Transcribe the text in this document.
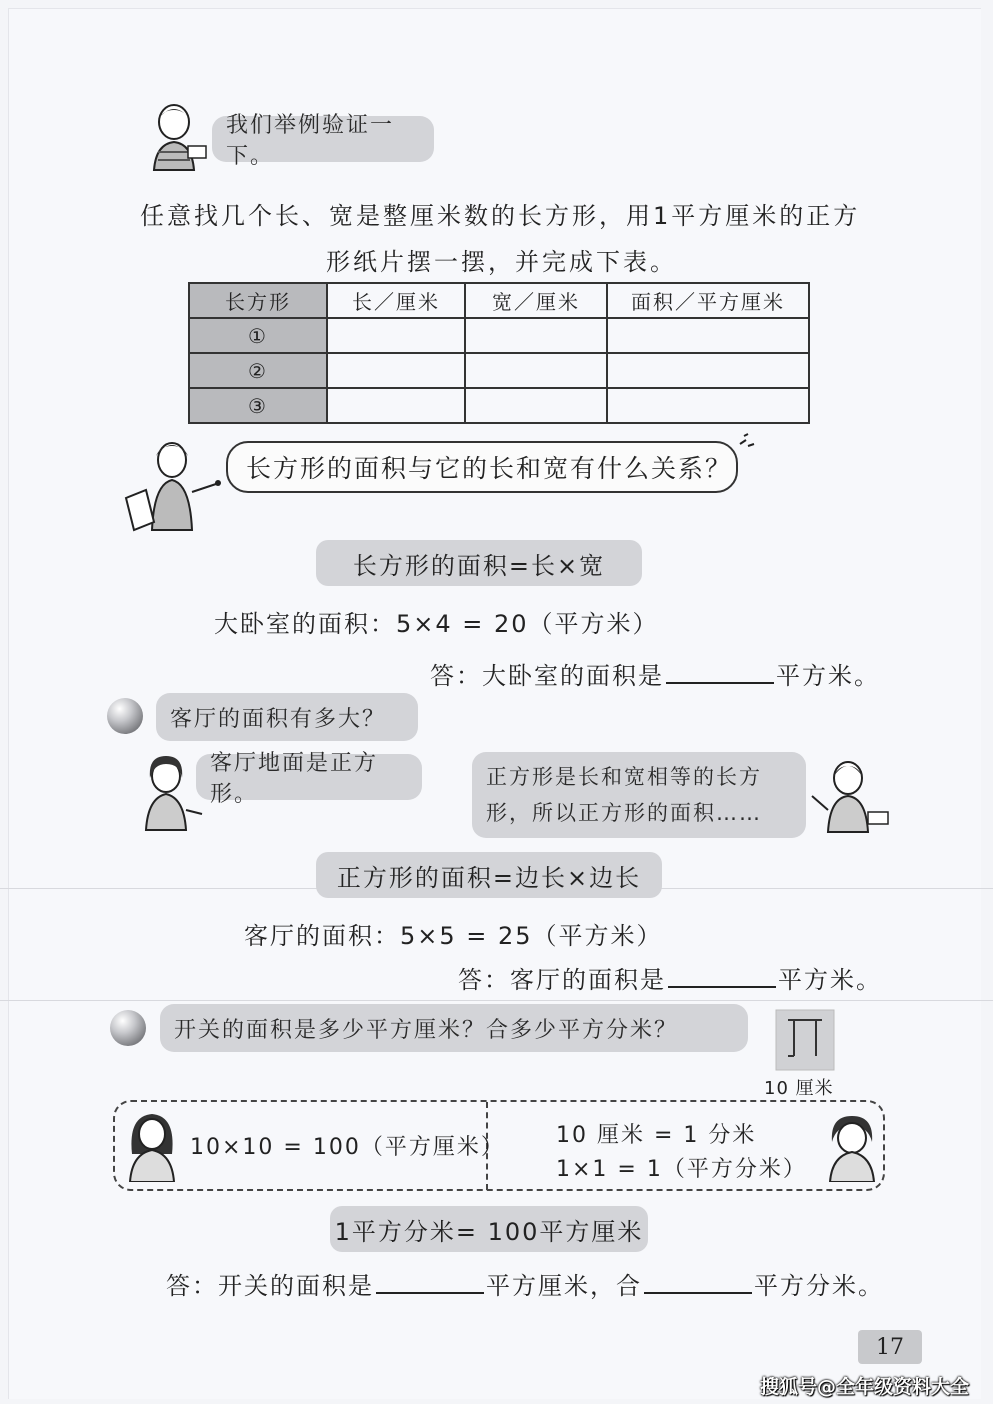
我们举例验证一下。
任意找几个长、宽是整厘米数的长方形，用1平方厘米的正方
形纸片摆一摆，并完成下表。
长方形	长／厘米	宽／厘米	面积／平方厘米
①			
②			
③			
长方形的面积与它的长和宽有什么关系？
长方形的面积=长×宽
大卧室的面积：5×4 = 20（平方米）
答：大卧室的面积是	平方米。
客厅的面积有多大？
客厅地面是正方形。
正方形是长和宽相等的长方
形，所以正方形的面积……
正方形的面积=边长×边长
客厅的面积：5×5 = 25（平方米）
答：客厅的面积是	平方米。
开关的面积是多少平方厘米？合多少平方分米？
10 厘米
10×10 = 100（平方厘米） 10 厘米 = 1 分米
1×1 = 1（平方分米）
1平方分米= 100平方厘米
答：开关的面积是	平方厘米，合	平方分米。
17
搜狐号@全年级资料大全
